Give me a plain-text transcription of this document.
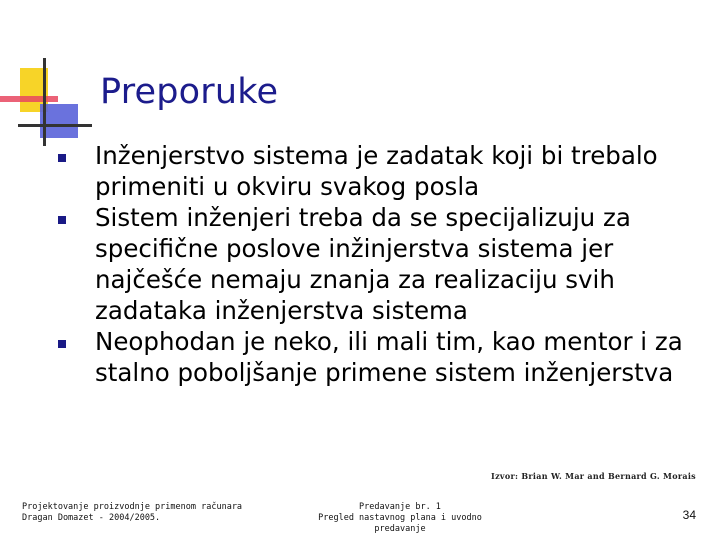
Preporuke
Inženjerstvo sistema je zadatak koji bi trebalo primeniti u okviru svakog posla
Sistem inženjeri treba da se specijalizuju za specifične poslove inžinjerstva sistema jer najčešće nemaju znanja za realizaciju svih zadataka inženjerstva sistema
Neophodan je neko, ili mali tim, kao mentor i za stalno poboljšanje primene sistem inženjerstva
Izvor: Brian W. Mar and Bernard G. Morais
Projektovanje proizvodnje primenom računara
Dragan Domazet - 2004/2005.
Predavanje br. 1
Pregled nastavnog plana i uvodno predavanje
34
